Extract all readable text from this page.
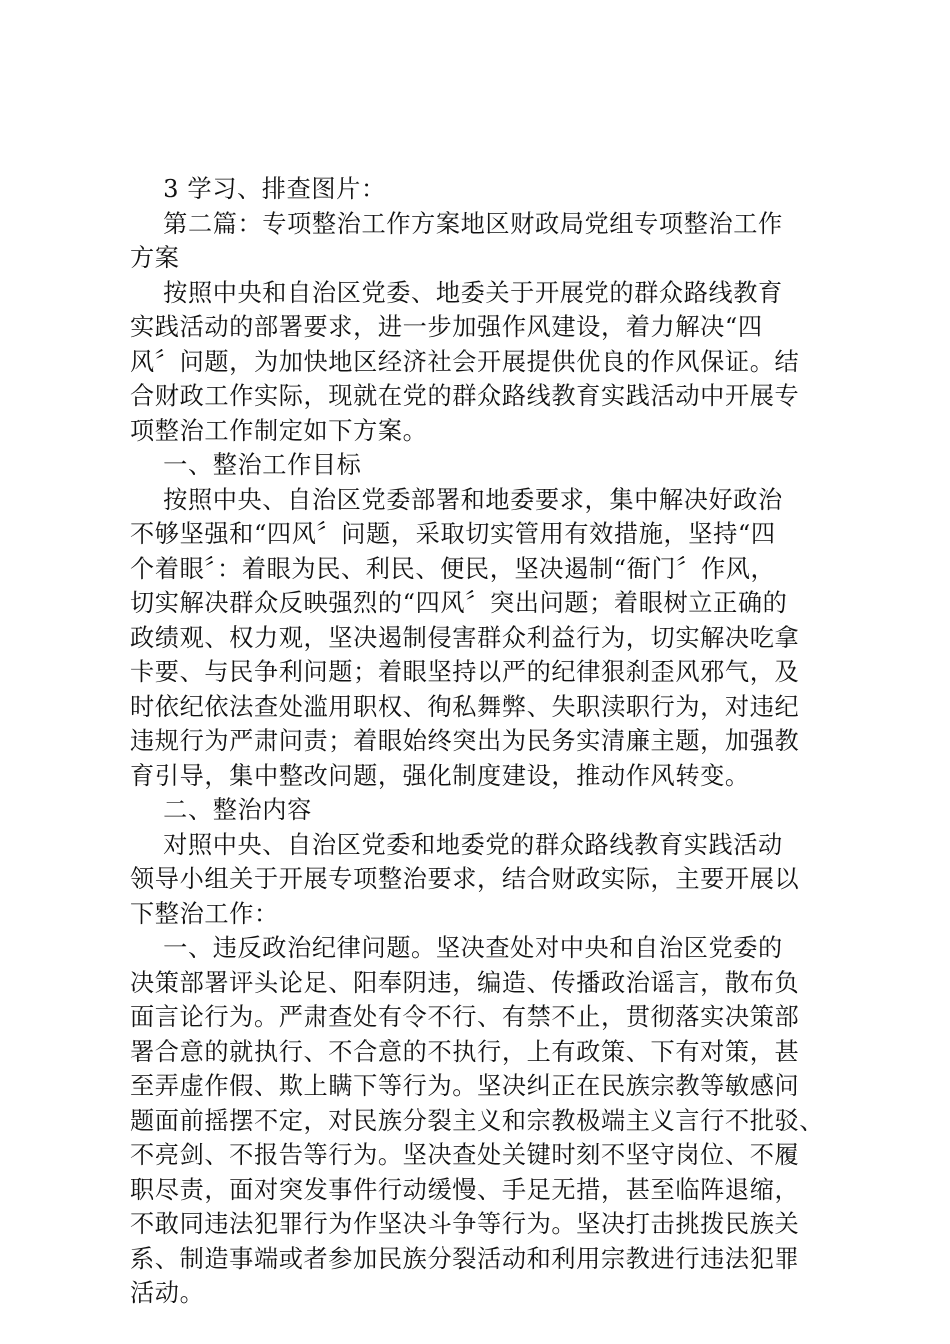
3 学习、排查图片：
第二篇：专项整治工作方案地区财政局党组专项整治工作
方案
按照中央和自治区党委、地委关于开展党的群众路线教育
实践活动的部署要求，进一步加强作风建设，着力解决“四
风〞问题，为加快地区经济社会开展提供优良的作风保证。结
合财政工作实际，现就在党的群众路线教育实践活动中开展专
项整治工作制定如下方案。
一、整治工作目标
按照中央、自治区党委部署和地委要求，集中解决好政治
不够坚强和“四风〞问题，采取切实管用有效措施，坚持“四
个着眼〞：着眼为民、利民、便民，坚决遏制“衙门〞作风，
切实解决群众反映强烈的“四风〞突出问题；着眼树立正确的
政绩观、权力观，坚决遏制侵害群众利益行为，切实解决吃拿
卡要、与民争利问题；着眼坚持以严的纪律狠刹歪风邪气，及
时依纪依法查处滥用职权、徇私舞弊、失职渎职行为，对违纪
违规行为严肃问责；着眼始终突出为民务实清廉主题，加强教
育引导，集中整改问题，强化制度建设，推动作风转变。
二、整治内容
对照中央、自治区党委和地委党的群众路线教育实践活动
领导小组关于开展专项整治要求，结合财政实际，主要开展以
下整治工作：
一、违反政治纪律问题。坚决查处对中央和自治区党委的
决策部署评头论足、阳奉阴违，编造、传播政治谣言，散布负
面言论行为。严肃查处有令不行、有禁不止，贯彻落实决策部
署合意的就执行、不合意的不执行，上有政策、下有对策，甚
至弄虚作假、欺上瞒下等行为。坚决纠正在民族宗教等敏感问
题面前摇摆不定，对民族分裂主义和宗教极端主义言行不批驳、
不亮剑、不报告等行为。坚决查处关键时刻不坚守岗位、不履
职尽责，面对突发事件行动缓慢、手足无措，甚至临阵退缩，
不敢同违法犯罪行为作坚决斗争等行为。坚决打击挑拨民族关
系、制造事端或者参加民族分裂活动和利用宗教进行违法犯罪
活动。
